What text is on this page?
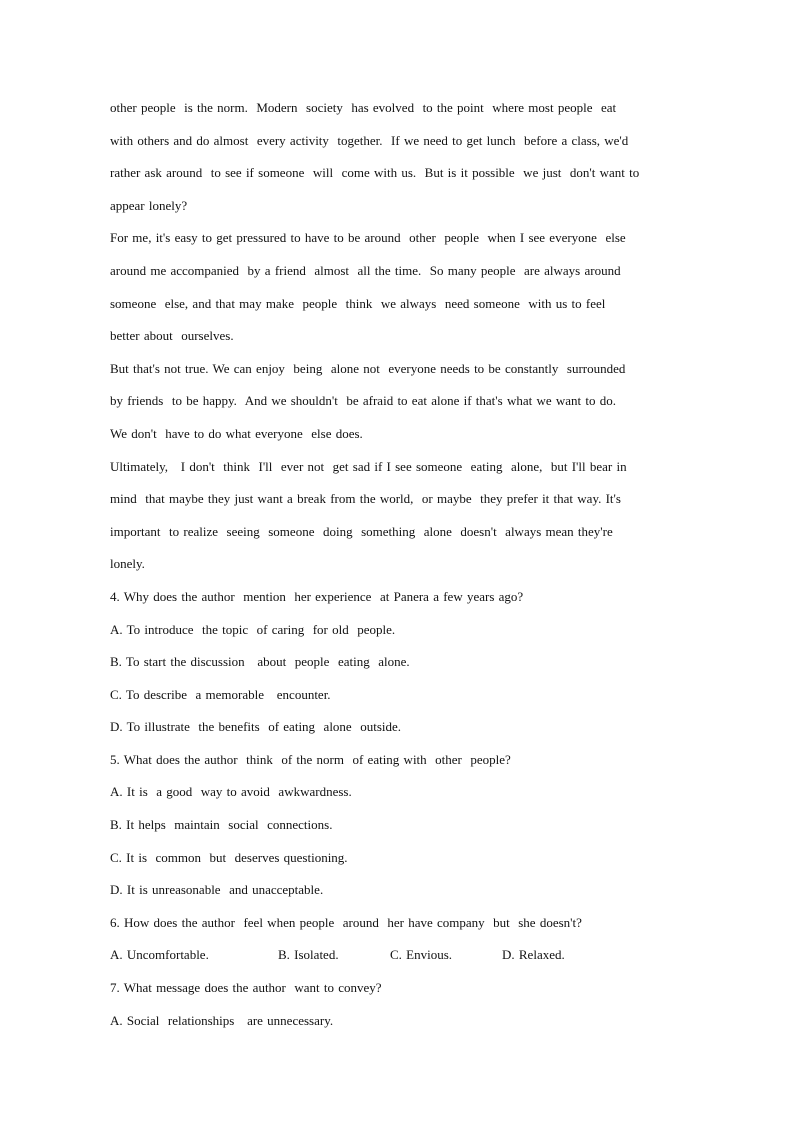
other people  is the norm.  Modern  society  has evolved  to the point  where most people  eat
with others and do almost  every activity  together.  If we need to get lunch  before a class, we'd
rather ask around  to see if someone  will  come with us.  But is it possible  we just  don't want to
appear lonely?
For me, it's easy to get pressured to have to be around  other  people  when I see everyone  else
around me accompanied  by a friend  almost  all the time.  So many people  are always around
someone  else, and that may make  people  think  we always  need someone  with us to feel
better about  ourselves.
But that's not true. We can enjoy  being  alone not  everyone needs to be constantly  surrounded
by friends  to be happy.  And we shouldn't  be afraid to eat alone if that's what we want to do.
We don't  have to do what everyone  else does.
Ultimately,   I don't  think  I'll  ever not  get sad if I see someone  eating  alone,  but I'll bear in
mind  that maybe they just want a break from the world,  or maybe  they prefer it that way. It's
important  to realize  seeing  someone  doing  something  alone  doesn't  always mean they're
lonely.
4. Why does the author  mention  her experience  at Panera a few years ago?
A. To introduce  the topic  of caring  for old  people.
B. To start the discussion   about  people  eating  alone.
C. To describe  a memorable   encounter.
D. To illustrate  the benefits  of eating  alone  outside.
5. What does the author  think  of the norm  of eating with  other  people?
A. It is  a good  way to avoid  awkwardness.
B. It helps  maintain  social  connections.
C. It is  common  but  deserves questioning.
D. It is unreasonable  and unacceptable.
6. How does the author  feel when people  around  her have company  but  she doesn't?
A. Uncomfortable.	B. Isolated.	C. Envious.	D. Relaxed.
7. What message does the author  want to convey?
A. Social  relationships   are unnecessary.
